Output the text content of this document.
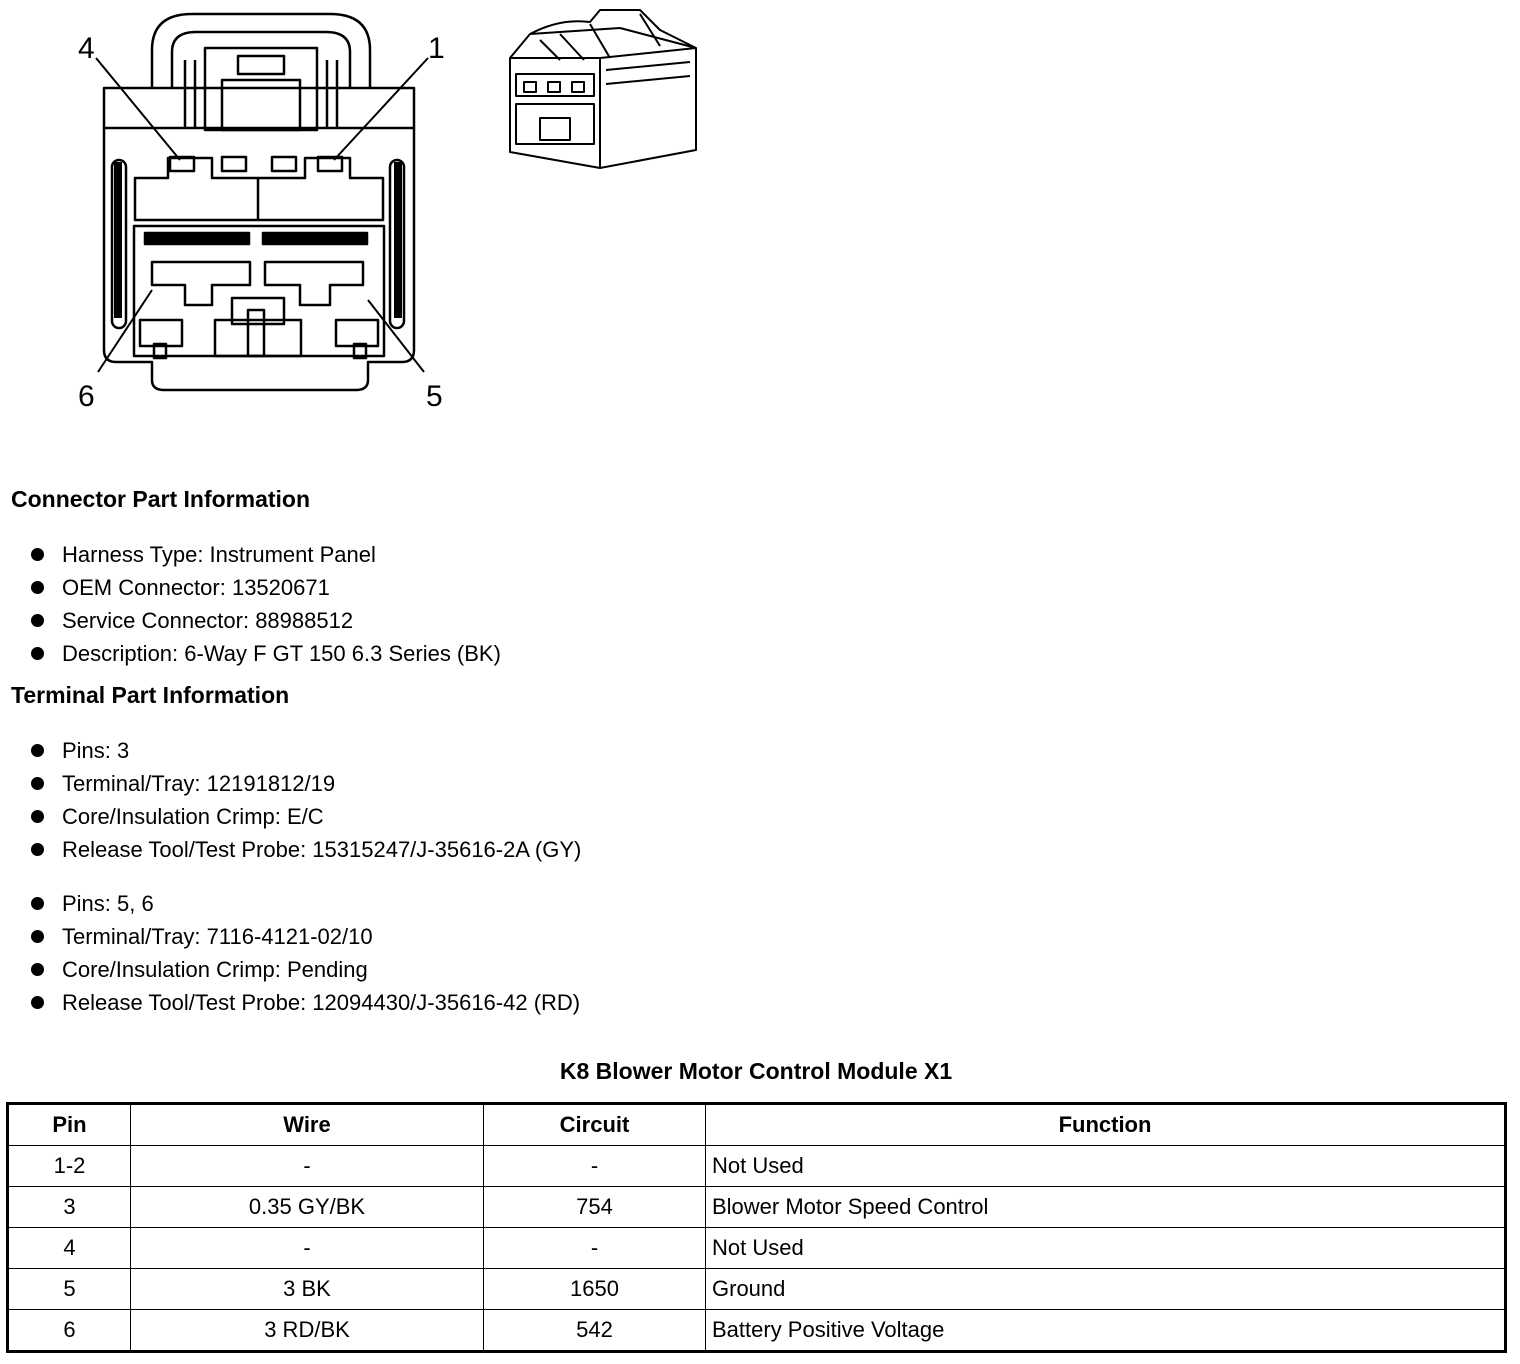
4	1
6	5
Connector Part Information
Harness Type: Instrument Panel
OEM Connector: 13520671
Service Connector: 88988512
Description: 6-Way F GT 150 6.3 Series (BK)
Terminal Part Information
Pins: 3
Terminal/Tray: 12191812/19
Core/Insulation Crimp: E/C
Release Tool/Test Probe: 15315247/J-35616-2A (GY)
Pins: 5, 6
Terminal/Tray: 7116-4121-02/10
Core/Insulation Crimp: Pending
Release Tool/Test Probe: 12094430/J-35616-42 (RD)
K8 Blower Motor Control Module X1
Pin	Wire	Circuit	Function
1-2	-	-	Not Used
3	0.35 GY/BK	754	Blower Motor Speed Control
4	-	-	Not Used
5	3 BK	1650	Ground
6	3 RD/BK	542	Battery Positive Voltage
